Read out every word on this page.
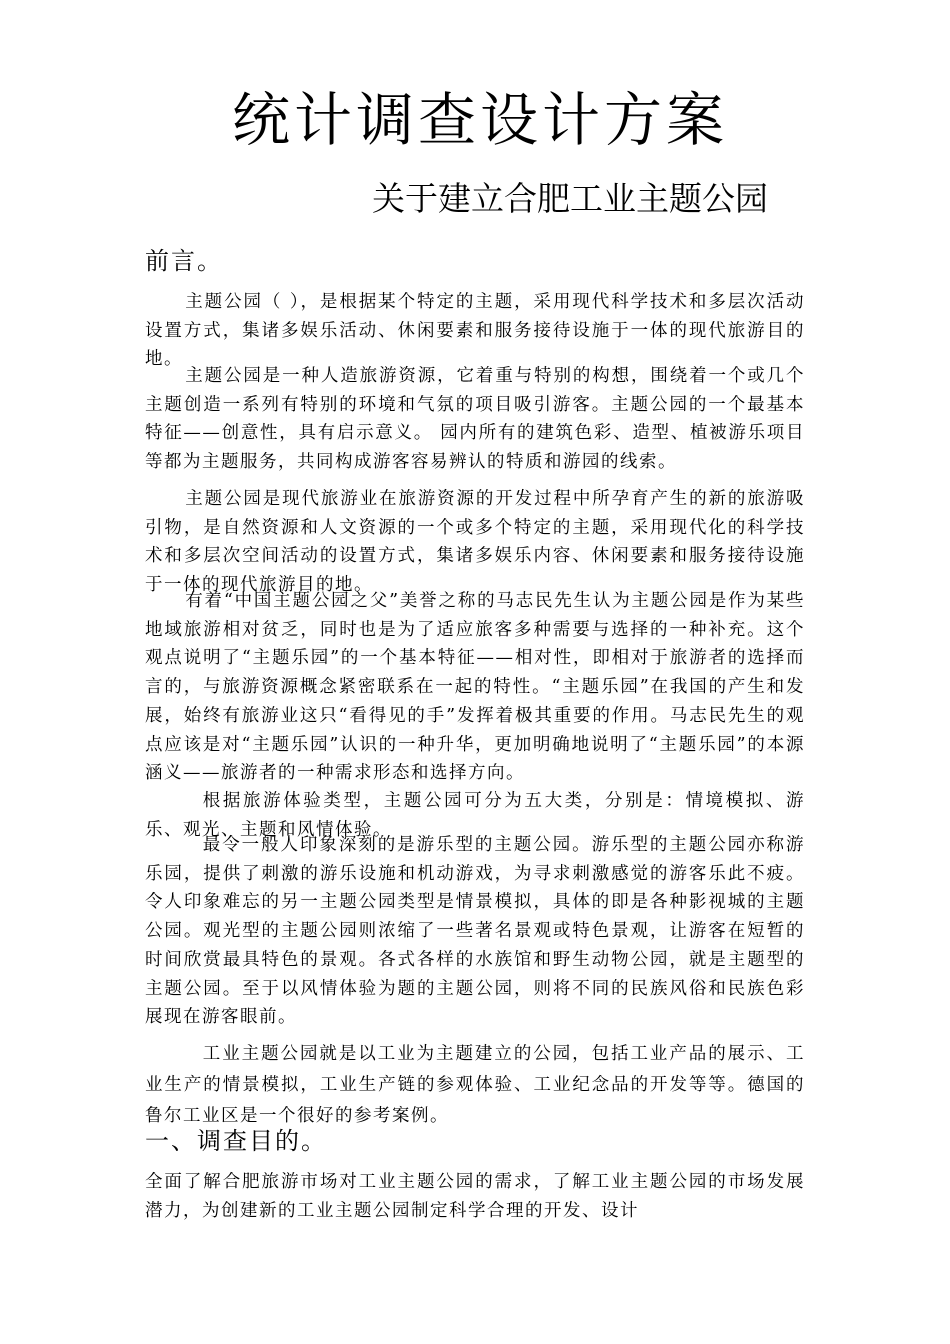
统计调查设计方案
关于建立合肥工业主题公园
前言。

主题公园（ ），是根据某个特定的主题，采用现代科学技术和多层次活动设置方式，集诸多娱乐活动、休闲要素和服务接待设施于一体的现代旅游目的地。

主题公园是一种人造旅游资源，它着重与特别的构想，围绕着一个或几个主题创造一系列有特别的环境和气氛的项目吸引游客。主题公园的一个最基本特征——创意性，具有启示意义。 园内所有的建筑色彩、造型、植被游乐项目等都为主题服务，共同构成游客容易辨认的特质和游园的线索。

主题公园是现代旅游业在旅游资源的开发过程中所孕育产生的新的旅游吸引物，是自然资源和人文资源的一个或多个特定的主题，采用现代化的科学技术和多层次空间活动的设置方式，集诸多娱乐内容、休闲要素和服务接待设施于一体的现代旅游目的地。

有着“中国主题公园之父”美誉之称的马志民先生认为主题公园是作为某些地域旅游相对贫乏，同时也是为了适应旅客多种需要与选择的一种补充。这个观点说明了“主题乐园”的一个基本特征——相对性，即相对于旅游者的选择而言的，与旅游资源概念紧密联系在一起的特性。“主题乐园”在我国的产生和发展，始终有旅游业这只“看得见的手”发挥着极其重要的作用。马志民先生的观点应该是对“主题乐园”认识的一种升华，更加明确地说明了“主题乐园”的本源涵义——旅游者的一种需求形态和选择方向。

根据旅游体验类型，主题公园可分为五大类，分别是：情境模拟、游乐、观光、主题和风情体验。

最令一般人印象深刻的是游乐型的主题公园。游乐型的主题公园亦称游乐园，提供了刺激的游乐设施和机动游戏，为寻求刺激感觉的游客乐此不疲。令人印象难忘的另一主题公园类型是情景模拟，具体的即是各种影视城的主题公园。观光型的主题公园则浓缩了一些著名景观或特色景观，让游客在短暂的时间欣赏最具特色的景观。各式各样的水族馆和野生动物公园，就是主题型的主题公园。至于以风情体验为题的主题公园，则将不同的民族风俗和民族色彩展现在游客眼前。

工业主题公园就是以工业为主题建立的公园，包括工业产品的展示、工业生产的情景模拟，工业生产链的参观体验、工业纪念品的开发等等。德国的鲁尔工业区是一个很好的参考案例。

一、调查目的。

全面了解合肥旅游市场对工业主题公园的需求，了解工业主题公园的市场发展潜力，为创建新的工业主题公园制定科学合理的开发、设计
